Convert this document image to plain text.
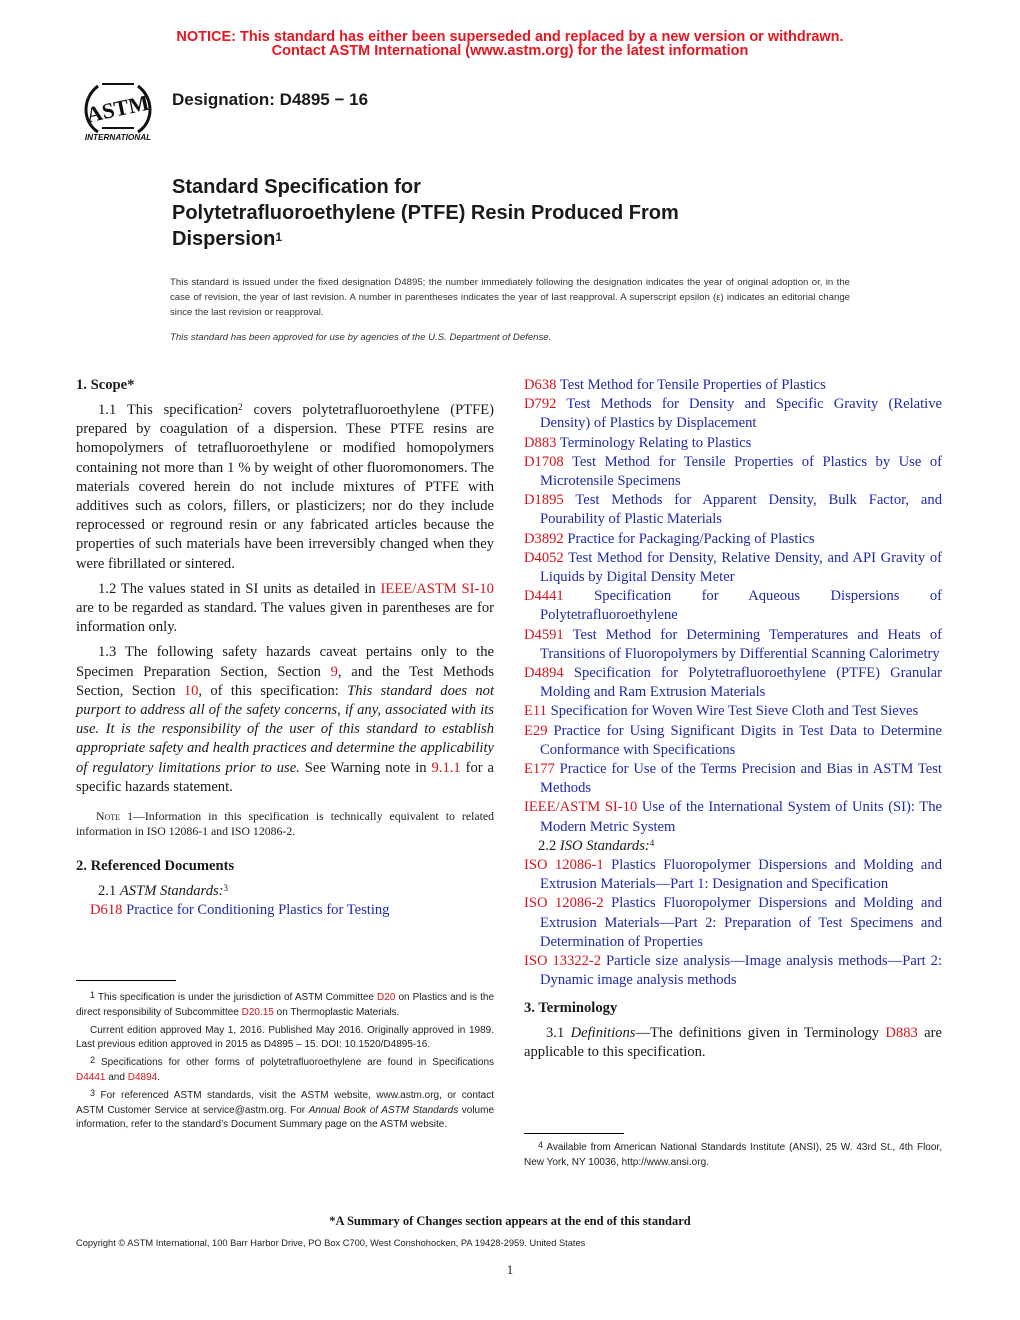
NOTICE: This standard has either been superseded and replaced by a new version or withdrawn.
Contact ASTM International (www.astm.org) for the latest information
ASTM
INTERNATIONAL
Designation: D4895 − 16
Standard Specification for
Polytetrafluoroethylene (PTFE) Resin Produced From
Dispersion$^1$
This standard is issued under the fixed designation D4895; the number immediately following the designation indicates the year of original adoption or, in the case of revision, the year of last revision. A number in parentheses indicates the year of last reapproval. A superscript epsilon (ε) indicates an editorial change since the last revision or reapproval.
This standard has been approved for use by agencies of the U.S. Department of Defense.
1. Scope*

1.1 This specification$^2$ covers polytetrafluoroethylene (PTFE) prepared by coagulation of a dispersion. These PTFE resins are homopolymers of tetrafluoroethylene or modified homopolymers containing not more than 1 % by weight of other fluoromonomers. The materials covered herein do not include mixtures of PTFE with additives such as colors, fillers, or plasticizers; nor do they include reprocessed or reground resin or any fabricated articles because the properties of such materials have been irreversibly changed when they were fibrillated or sintered.

1.2 The values stated in SI units as detailed in IEEE/ASTM SI-10 are to be regarded as standard. The values given in parentheses are for information only.

1.3 The following safety hazards caveat pertains only to the Specimen Preparation Section, Section 9, and the Test Methods Section, Section 10, of this specification: This standard does not purport to address all of the safety concerns, if any, associated with its use. It is the responsibility of the user of this standard to establish appropriate safety and health practices and determine the applicability of regulatory limitations prior to use. See Warning note in 9.1.1 for a specific hazards statement.

Note 1—Information in this specification is technically equivalent to related information in ISO 12086-1 and ISO 12086-2.

2. Referenced Documents

2.1 ASTM Standards:$^3$

D618 Practice for Conditioning Plastics for Testing

$^1$ This specification is under the jurisdiction of ASTM Committee D20 on Plastics and is the direct responsibility of Subcommittee D20.15 on Thermoplastic Materials.

Current edition approved May 1, 2016. Published May 2016. Originally approved in 1989. Last previous edition approved in 2015 as D4895 – 15. DOI: 10.1520/D4895-16.

$^2$ Specifications for other forms of polytetrafluoroethylene are found in Specifications D4441 and D4894.

$^3$ For referenced ASTM standards, visit the ASTM website, www.astm.org, or contact ASTM Customer Service at service@astm.org. For Annual Book of ASTM Standards volume information, refer to the standard’s Document Summary page on the ASTM website.

D638 Test Method for Tensile Properties of Plastics

D792 Test Methods for Density and Specific Gravity (Relative Density) of Plastics by Displacement

D883 Terminology Relating to Plastics

D1708 Test Method for Tensile Properties of Plastics by Use of Microtensile Specimens

D1895 Test Methods for Apparent Density, Bulk Factor, and Pourability of Plastic Materials

D3892 Practice for Packaging/Packing of Plastics

D4052 Test Method for Density, Relative Density, and API Gravity of Liquids by Digital Density Meter

D4441 Specification for Aqueous Dispersions of Polytetrafluoroethylene

D4591 Test Method for Determining Temperatures and Heats of Transitions of Fluoropolymers by Differential Scanning Calorimetry

D4894 Specification for Polytetrafluoroethylene (PTFE) Granular Molding and Ram Extrusion Materials

E11 Specification for Woven Wire Test Sieve Cloth and Test Sieves

E29 Practice for Using Significant Digits in Test Data to Determine Conformance with Specifications

E177 Practice for Use of the Terms Precision and Bias in ASTM Test Methods

IEEE/ASTM SI-10 Use of the International System of Units (SI): The Modern Metric System

2.2 ISO Standards:$^4$

ISO 12086-1 Plastics Fluoropolymer Dispersions and Molding and Extrusion Materials—Part 1: Designation and Specification

ISO 12086-2 Plastics Fluoropolymer Dispersions and Molding and Extrusion Materials—Part 2: Preparation of Test Specimens and Determination of Properties

ISO 13322-2 Particle size analysis—Image analysis methods—Part 2: Dynamic image analysis methods

3. Terminology

3.1 Definitions—The definitions given in Terminology D883 are applicable to this specification.

$^4$ Available from American National Standards Institute (ANSI), 25 W. 43rd St., 4th Floor, New York, NY 10036, http://www.ansi.org.

*A Summary of Changes section appears at the end of this standard
Copyright © ASTM International, 100 Barr Harbor Drive, PO Box C700, West Conshohocken, PA 19428-2959. United States
1
